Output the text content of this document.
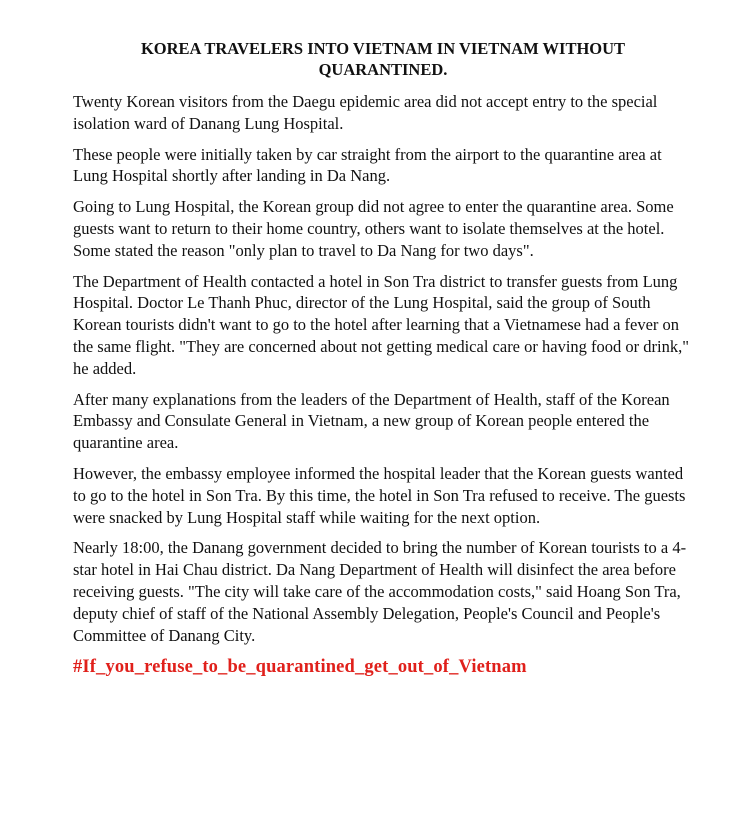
KOREA TRAVELERS INTO VIETNAM IN VIETNAM WITHOUT QUARANTINED.

Twenty Korean visitors from the Daegu epidemic area did not accept entry to the special isolation ward of Danang Lung Hospital.

These people were initially taken by car straight from the airport to the quarantine area at Lung Hospital shortly after landing in Da Nang.

Going to Lung Hospital, the Korean group did not agree to enter the quarantine area. Some guests want to return to their home country, others want to isolate themselves at the hotel. Some stated the reason "only plan to travel to Da Nang for two days".

The Department of Health contacted a hotel in Son Tra district to transfer guests from Lung Hospital. Doctor Le Thanh Phuc, director of the Lung Hospital, said the group of South Korean tourists didn't want to go to the hotel after learning that a Vietnamese had a fever on the same flight. "They are concerned about not getting medical care or having food or drink," he added.

After many explanations from the leaders of the Department of Health, staff of the Korean Embassy and Consulate General in Vietnam, a new group of Korean people entered the quarantine area.

However, the embassy employee informed the hospital leader that the Korean guests wanted to go to the hotel in Son Tra. By this time, the hotel in Son Tra refused to receive. The guests were snacked by Lung Hospital staff while waiting for the next option.

Nearly 18:00, the Danang government decided to bring the number of Korean tourists to a 4-star hotel in Hai Chau district. Da Nang Department of Health will disinfect the area before receiving guests. "The city will take care of the accommodation costs," said Hoang Son Tra, deputy chief of staff of the National Assembly Delegation, People's Council and People's Committee of Danang City.

#If_you_refuse_to_be_quarantined_get_out_of_Vietnam
